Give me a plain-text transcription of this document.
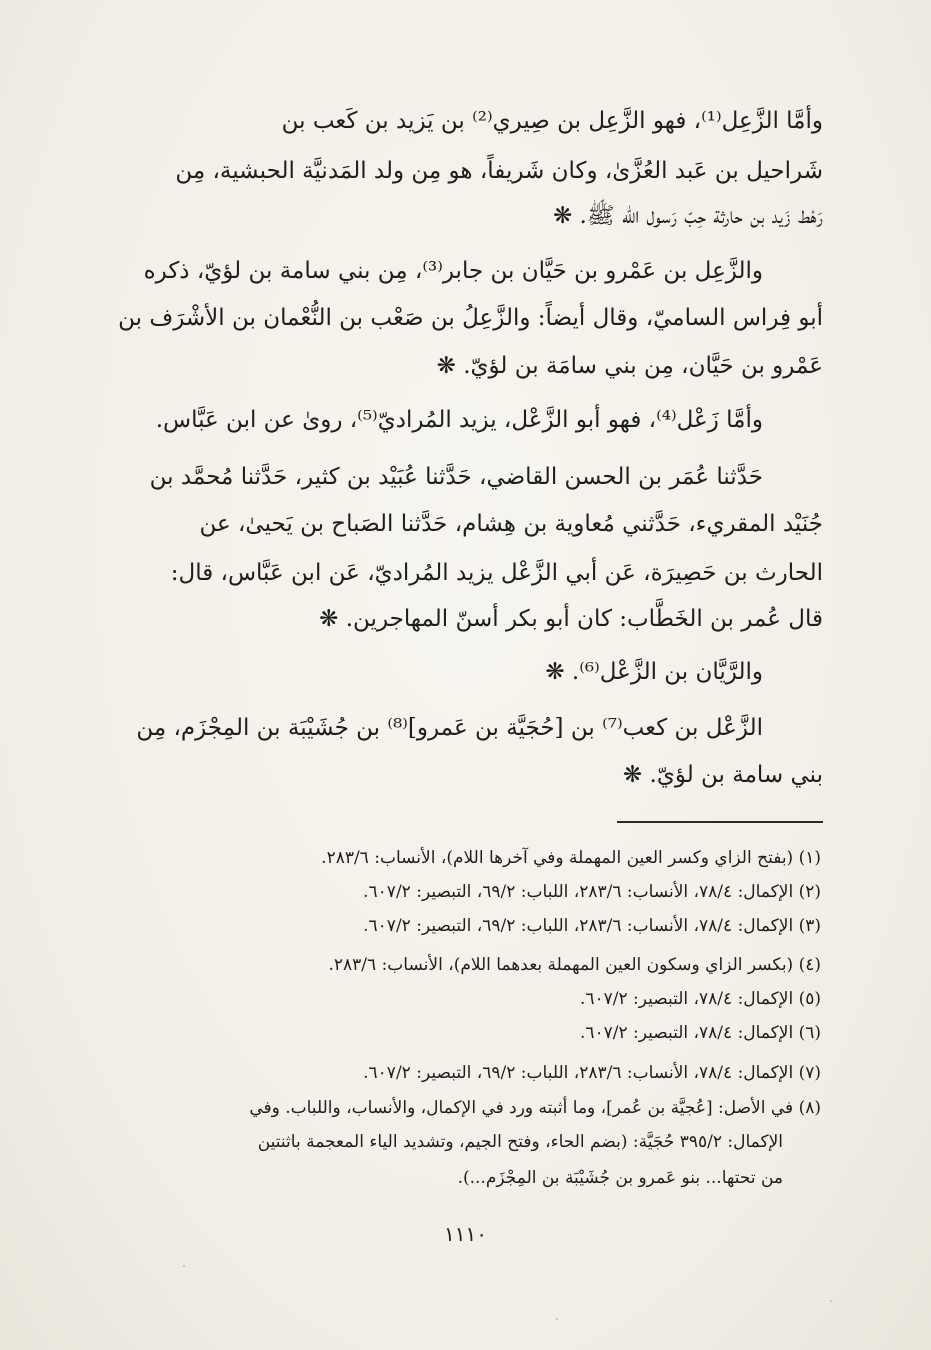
وأمَّا الزَّعِل⁽¹⁾، فهو الزَّعِل بن صِيري⁽²⁾ بن يَزيد بن كَعب بن
شَراحيل بن عَبد العُزَّىٰ، وكان شَريفاً، هو مِن ولد المَدنيَّة الحبشية، مِن
رَهْط زَيد بن حارثة حِبّ رَسول الله ﷺ. ❋
والزَّعِل بن عَمْرو بن حَيَّان بن جابر⁽³⁾، مِن بني سامة بن لؤيّ، ذكره
أبو فِراس الساميّ، وقال أيضاً: والزَّعِلُ بن صَعْب بن النُّعْمان بن الأشْرَف بن
عَمْرو بن حَيَّان، مِن بني سامَة بن لؤيّ. ❋
وأمَّا زَعْل⁽⁴⁾، فهو أبو الزَّعْل، يزيد المُراديّ⁽⁵⁾، روىٰ عن ابن عَبَّاس.
حَدَّثنا عُمَر بن الحسن القاضي، حَدَّثنا عُبَيْد بن كثير، حَدَّثنا مُحمَّد بن
جُنَيْد المقريء، حَدَّثني مُعاوية بن هِشام، حَدَّثنا الصَباح بن يَحيىٰ، عن
الحارث بن حَصِيرَة، عَن أبي الزَّعْل يزيد المُراديّ، عَن ابن عَبَّاس، قال:
قال عُمر بن الخَطَّاب: كان أبو بكر أسنّ المهاجرين. ❋
والرَّيَّان بن الزَّعْل⁽⁶⁾. ❋
الزَّعْل بن كعب⁽⁷⁾ بن [حُجَيَّة بن عَمرو]⁽⁸⁾ بن جُشَيْبَة بن المِجْزَم، مِن
بني سامة بن لؤيّ. ❋
(١) (بفتح الزاي وكسر العين المهملة وفي آخرها اللام)، الأنساب: ٢٨٣/٦.
(٢) الإكمال: ٧٨/٤، الأنساب: ٢٨٣/٦، اللباب: ٦٩/٢، التبصير: ٦٠٧/٢.
(٣) الإكمال: ٧٨/٤، الأنساب: ٢٨٣/٦، اللباب: ٦٩/٢، التبصير: ٦٠٧/٢.
(٤) (بكسر الزاي وسكون العين المهملة بعدهما اللام)، الأنساب: ٢٨٣/٦.
(٥) الإكمال: ٧٨/٤، التبصير: ٦٠٧/٢.
(٦) الإكمال: ٧٨/٤، التبصير: ٦٠٧/٢.
(٧) الإكمال: ٧٨/٤، الأنساب: ٢٨٣/٦، اللباب: ٦٩/٢، التبصير: ٦٠٧/٢.
(٨) في الأصل: [عُجيَّة بن عُمر]، وما أثبته ورد في الإكمال، والأنساب، واللباب. وفي
الإكمال: ٣٩٥/٢ حُجَيَّة: (بضم الحاء، وفتح الجيم، وتشديد الياء المعجمة باثنتين
من تحتها... بنو عَمرو بن جُشَيْبَة بن المِجْزَم...).
١١١٠
